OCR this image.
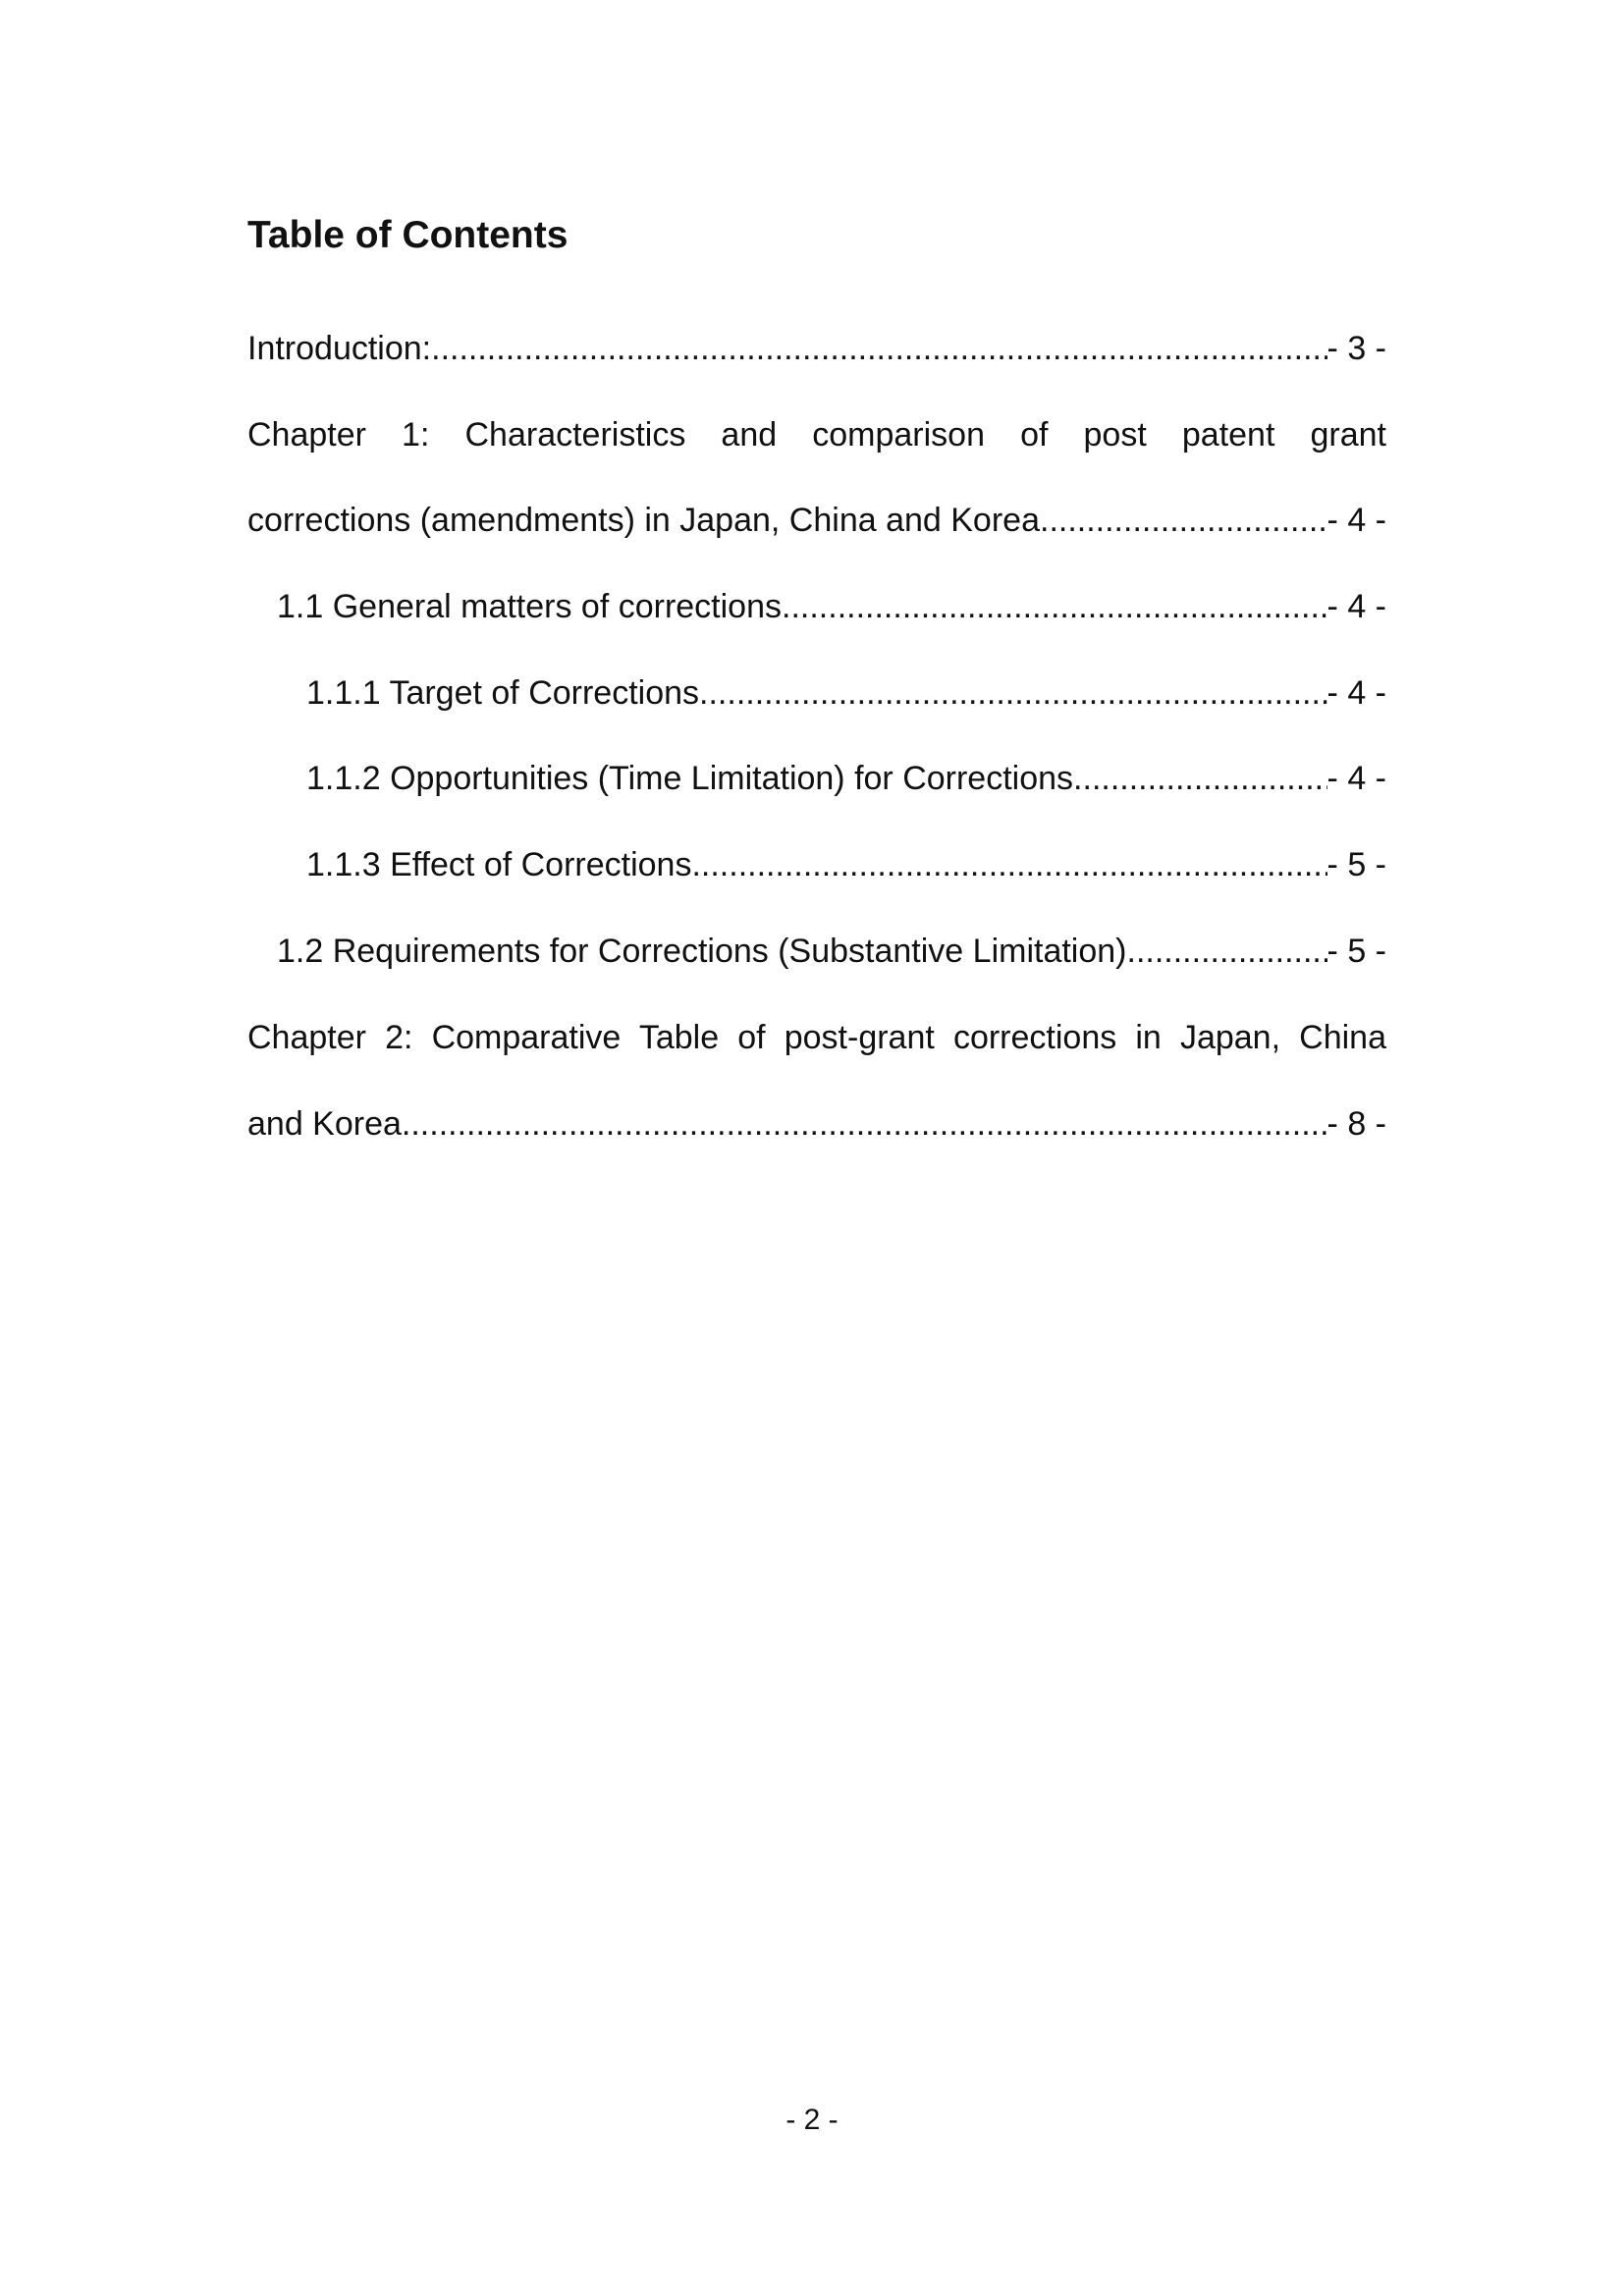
Table of Contents
Introduction: .....	- 3 -
Chapter 1: Characteristics and comparison of post patent grant
corrections (amendments) in Japan, China and Korea. .....	- 4 -
1.1 General matters of corrections .....	- 4 -
1.1.1 Target of Corrections .....	- 4 -
1.1.2 Opportunities (Time Limitation) for Corrections .....	- 4 -
1.1.3 Effect of Corrections .....	- 5 -
1.2 Requirements for Corrections (Substantive Limitation) .....	- 5 -
Chapter 2: Comparative Table of post-grant corrections in Japan, China
and Korea .....	- 8 -
- 2 -
